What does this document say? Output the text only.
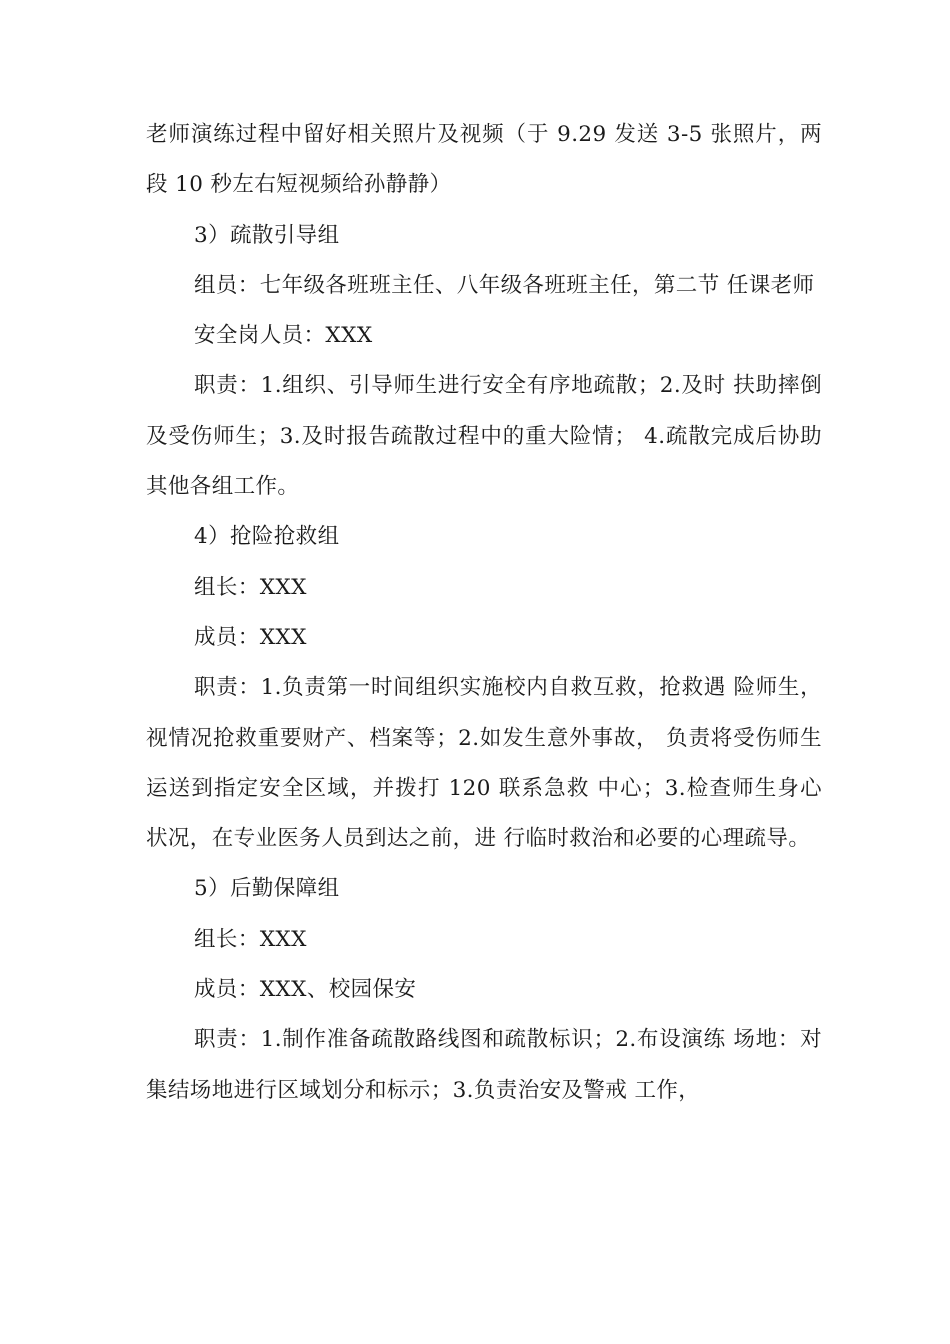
老师演练过程中留好相关照片及视频（于 9.29 发送 3-5 张照片，两段 10 秒左右短视频给孙静静）

3）疏散引导组

组员：七年级各班班主任、八年级各班班主任，第二节 任课老师

安全岗人员：XXX

职责：1.组织、引导师生进行安全有序地疏散；2.及时 扶助摔倒及受伤师生；3.及时报告疏散过程中的重大险情； 4.疏散完成后协助其他各组工作。

4）抢险抢救组

组长：XXX

成员：XXX

职责：1.负责第一时间组织实施校内自救互救，抢救遇 险师生，视情况抢救重要财产、档案等；2.如发生意外事故， 负责将受伤师生运送到指定安全区域，并拨打 120 联系急救 中心；3.检查师生身心状况，在专业医务人员到达之前，进 行临时救治和必要的心理疏导。

5）后勤保障组

组长：XXX

成员：XXX、校园保安

职责：1.制作准备疏散路线图和疏散标识；2.布设演练 场地：对集结场地进行区域划分和标示；3.负责治安及警戒 工作，
